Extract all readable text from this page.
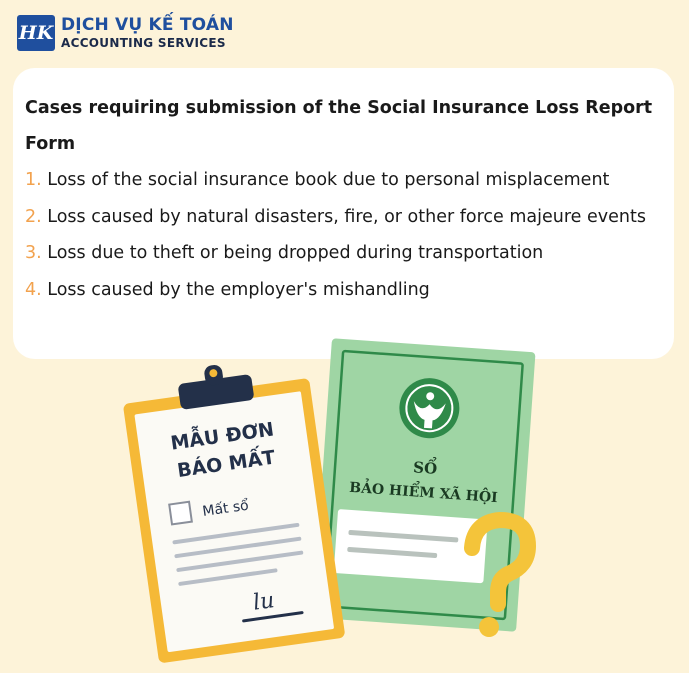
HK DỊCH VỤ KẾ TOÁN
ACCOUNTING SERVICES

Cases requiring submission of the Social Insurance Loss Report Form

1. Loss of the social insurance book due to personal misplacement

2. Loss caused by natural disasters, fire, or other force majeure events

3. Loss due to theft or being dropped during transportation

4. Loss caused by the employer's mishandling

SỔ
BẢO HIỂM XÃ HỘI
MẪU ĐƠN
BÁO MẤT
Mất sổ
lu
